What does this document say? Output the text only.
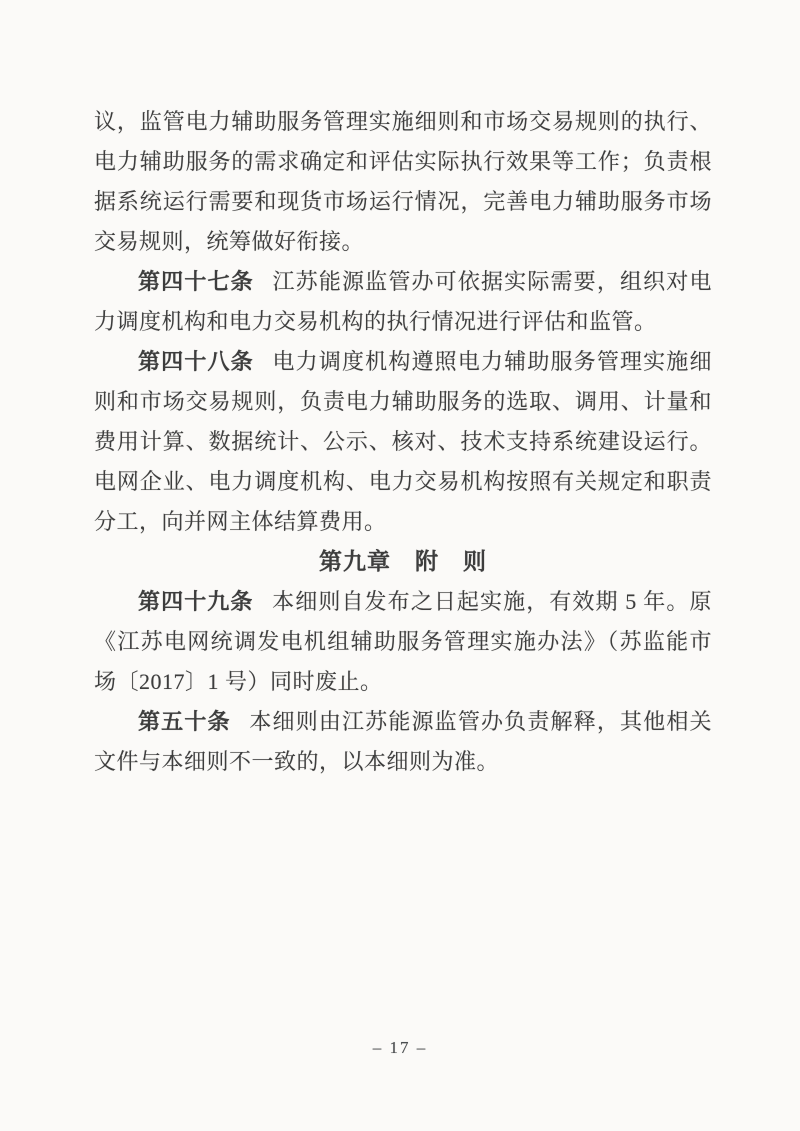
议，监管电力辅助服务管理实施细则和市场交易规则的执行、电力辅助服务的需求确定和评估实际执行效果等工作；负责根据系统运行需要和现货市场运行情况，完善电力辅助服务市场交易规则，统筹做好衔接。

第四十七条 江苏能源监管办可依据实际需要，组织对电力调度机构和电力交易机构的执行情况进行评估和监管。

第四十八条 电力调度机构遵照电力辅助服务管理实施细则和市场交易规则，负责电力辅助服务的选取、调用、计量和费用计算、数据统计、公示、核对、技术支持系统建设运行。电网企业、电力调度机构、电力交易机构按照有关规定和职责分工，向并网主体结算费用。

第九章　附　则

第四十九条 本细则自发布之日起实施，有效期 5 年。原《江苏电网统调发电机组辅助服务管理实施办法》（苏监能市场〔2017〕1 号）同时废止。

第五十条 本细则由江苏能源监管办负责解释，其他相关文件与本细则不一致的，以本细则为准。

– 17 –
